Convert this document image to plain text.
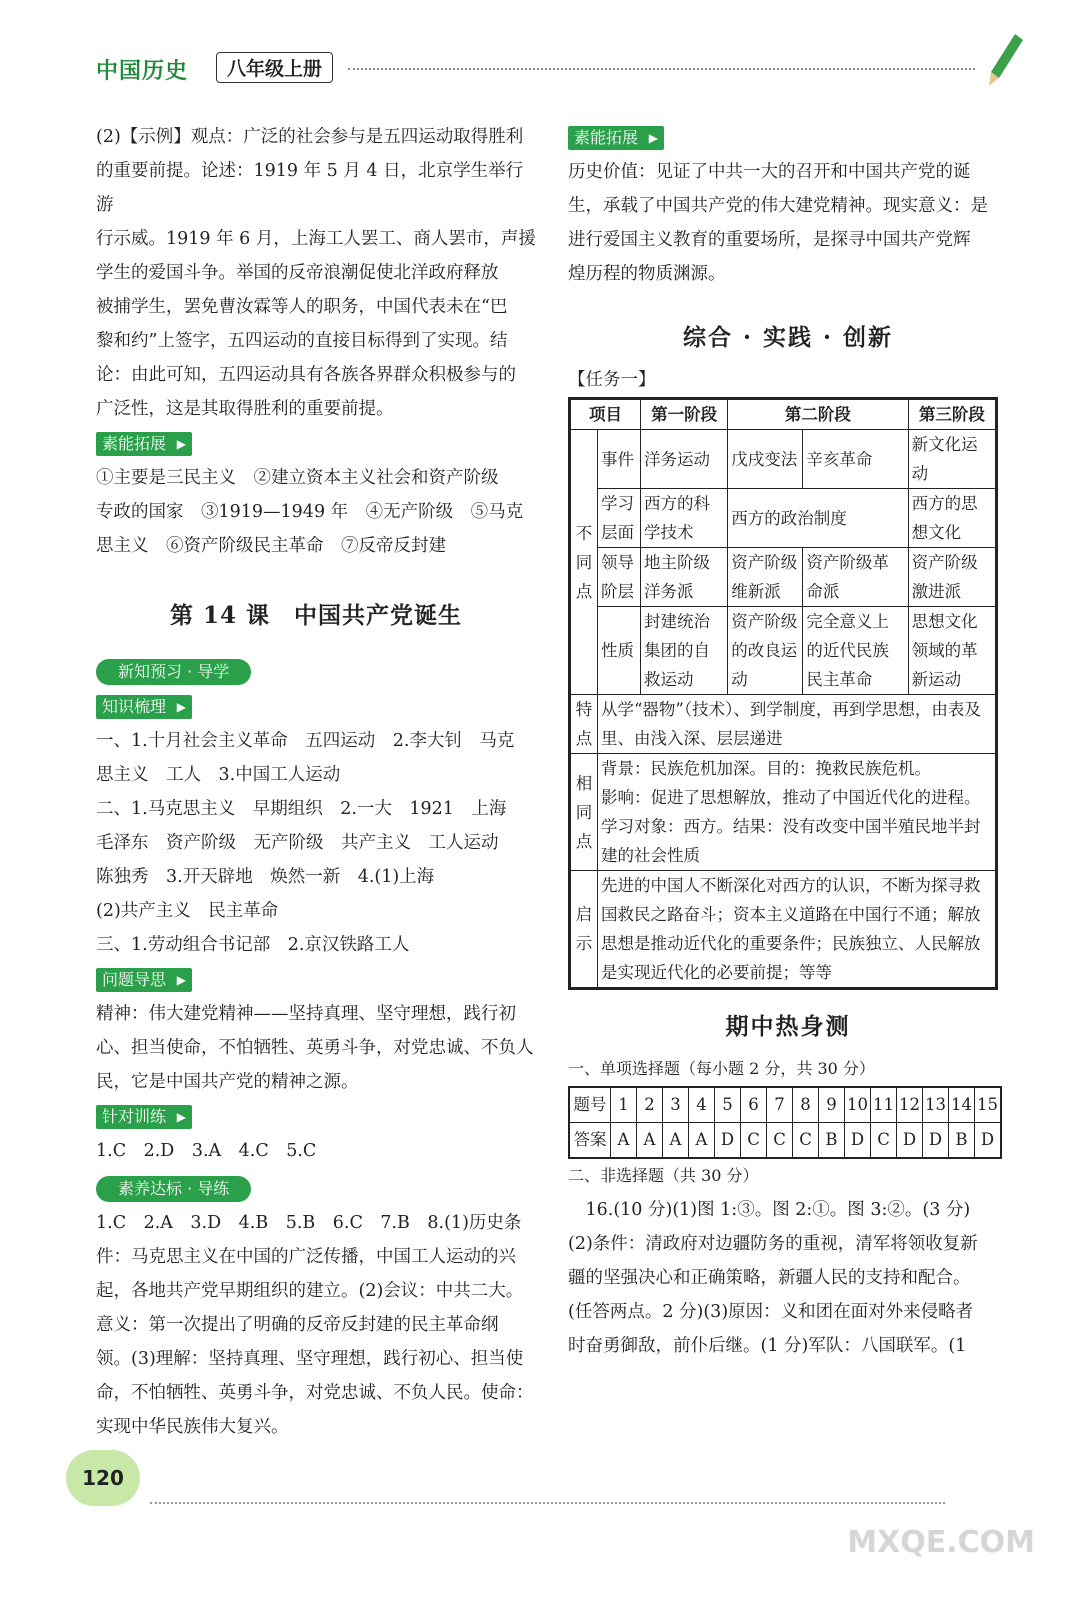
中国历史	八年级上册

(2)【示例】观点：广泛的社会参与是五四运动取得胜利

的重要前提。论述：1919 年 5 月 4 日，北京学生举行游

行示威。1919 年 6 月，上海工人罢工、商人罢市，声援

学生的爱国斗争。举国的反帝浪潮促使北洋政府释放

被捕学生，罢免曹汝霖等人的职务，中国代表未在“巴

黎和约”上签字，五四运动的直接目标得到了实现。结

论：由此可知，五四运动具有各族各界群众积极参与的

广泛性，这是其取得胜利的重要前提。

素能拓展 ▶

①主要是三民主义　②建立资本主义社会和资产阶级

专政的国家　③1919—1949 年　④无产阶级　⑤马克

思主义　⑥资产阶级民主革命　⑦反帝反封建

第 14 课　中国共产党诞生
新知预习 · 导学
知识梳理 ▶

一、1.十月社会主义革命　五四运动　2.李大钊　马克

思主义　工人　3.中国工人运动

二、1.马克思主义　早期组织　2.一大　1921　上海

毛泽东　资产阶级　无产阶级　共产主义　工人运动

陈独秀　3.开天辟地　焕然一新　4.(1)上海

(2)共产主义　民主革命

三、1.劳动组合书记部　2.京汉铁路工人

问题导思 ▶

精神：伟大建党精神——坚持真理、坚守理想，践行初

心、担当使命，不怕牺牲、英勇斗争，对党忠诚、不负人

民，它是中国共产党的精神之源。

针对训练 ▶

1.C　2.D　3.A　4.C　5.C

素养达标 · 导练

1.C　2.A　3.D　4.B　5.B　6.C　7.B　8.(1)历史条

件：马克思主义在中国的广泛传播，中国工人运动的兴

起，各地共产党早期组织的建立。(2)会议：中共二大。

意义：第一次提出了明确的反帝反封建的民主革命纲

领。(3)理解：坚持真理、坚守理想，践行初心、担当使

命，不怕牺牲、英勇斗争，对党忠诚、不负人民。使命：

实现中华民族伟大复兴。

素能拓展 ▶

历史价值：见证了中共一大的召开和中国共产党的诞

生，承载了中国共产党的伟大建党精神。现实意义：是

进行爱国主义教育的重要场所，是探寻中国共产党辉

煌历程的物质渊源。

综合 · 实践 · 创新

【任务一】

项目		第一阶段	第二阶段		第三阶段
不同点	事件	洋务运动	戊戌变法	辛亥革命	新文化运动
	学习层面	西方的科学技术	西方的政治制度		西方的思想文化
	领导阶层	地主阶级洋务派	资产阶级维新派	资产阶级革命派	资产阶级激进派
	性质	封建统治集团的自救运动	资产阶级的改良运动	完全意义上的近代民族民主革命	思想文化领域的革新运动
特点	从学“器物”（技术）、到学制度，再到学思想，由表及里、由浅入深、层层递进				
相同点	背景：民族危机加深。目的：挽救民族危机。
影响：促进了思想解放，推动了中国近代化的进程。
学习对象：西方。结果：没有改变中国半殖民地半封建的社会性质				

启示	先进的中国人不断深化对西方的认识，不断为探寻救国救民之路奋斗；资本主义道路在中国行不通；解放思想是推动近代化的重要条件；民族独立、人民解放是实现近代化的必要前提；等等				
期中热身测

一、单项选择题（每小题 2 分，共 30 分）

题号	1	2	3	4	5	6	7	8	9	10	11	12	13	14	15
答案	A	A	A	A	D	C	C	C	B	D	C	D	D	B	D

二、非选择题（共 30 分）

　16.(10 分)(1)图 1:③。图 2:①。图 3:②。(3 分)

(2)条件：清政府对边疆防务的重视，清军将领收复新

疆的坚强决心和正确策略，新疆人民的支持和配合。

(任答两点。2 分)(3)原因：义和团在面对外来侵略者

时奋勇御敌，前仆后继。(1 分)军队：八国联军。(1

120
MXQE.COM
